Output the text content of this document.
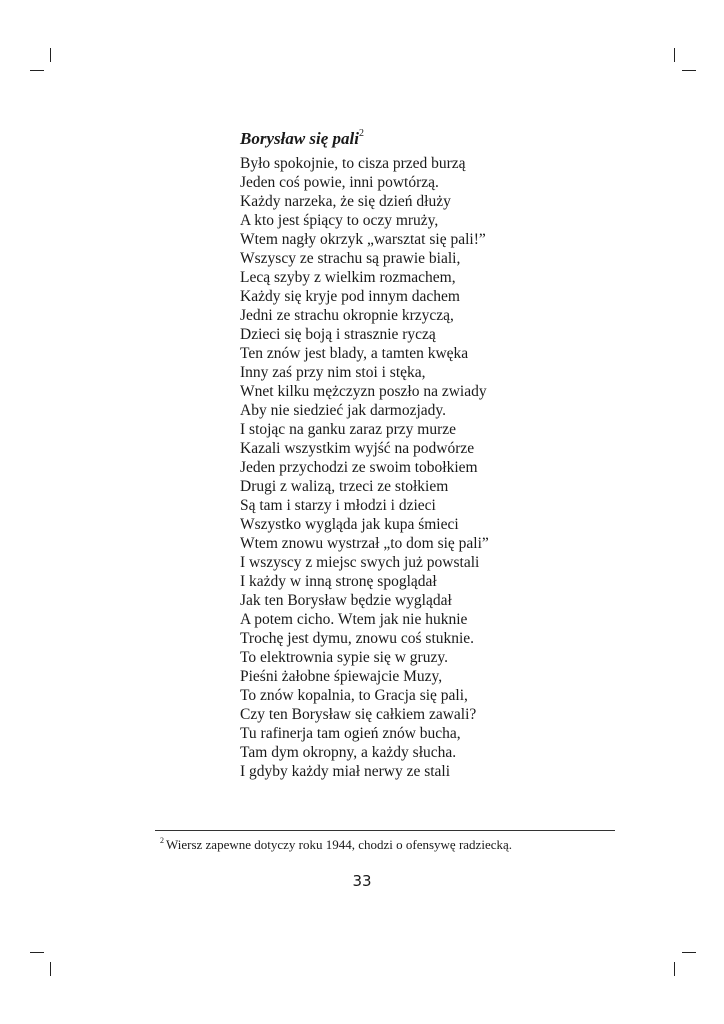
Borysław się pali$^2$
Było spokojnie, to cisza przed burzą
Jeden coś powie, inni powtórzą.
Każdy narzeka, że się dzień dłuży
A kto jest śpiący to oczy mruży,
Wtem nagły okrzyk „warsztat się pali!”
Wszyscy ze strachu są prawie biali,
Lecą szyby z wielkim rozmachem,
Każdy się kryje pod innym dachem
Jedni ze strachu okropnie krzyczą,
Dzieci się boją i strasznie ryczą
Ten znów jest blady, a tamten kwęka
Inny zaś przy nim stoi i stęka,
Wnet kilku mężczyzn poszło na zwiady
Aby nie siedzieć jak darmozjady.
I stojąc na ganku zaraz przy murze
Kazali wszystkim wyjść na podwórze
Jeden przychodzi ze swoim tobołkiem
Drugi z walizą, trzeci ze stołkiem
Są tam i starzy i młodzi i dzieci
Wszystko wygląda jak kupa śmieci
Wtem znowu wystrzał „to dom się pali”
I wszyscy z miejsc swych już powstali
I każdy w inną stronę spoglądał
Jak ten Borysław będzie wyglądał
A potem cicho. Wtem jak nie huknie
Trochę jest dymu, znowu coś stuknie.
To elektrownia sypie się w gruzy.
Pieśni żałobne śpiewajcie Muzy,
To znów kopalnia, to Gracja się pali,
Czy ten Borysław się całkiem zawali?
Tu rafinerja tam ogień znów bucha,
Tam dym okropny, a każdy słucha.
I gdyby każdy miał nerwy ze stali
$^2$ Wiersz zapewne dotyczy roku 1944, chodzi o ofensywę radziecką.
33
